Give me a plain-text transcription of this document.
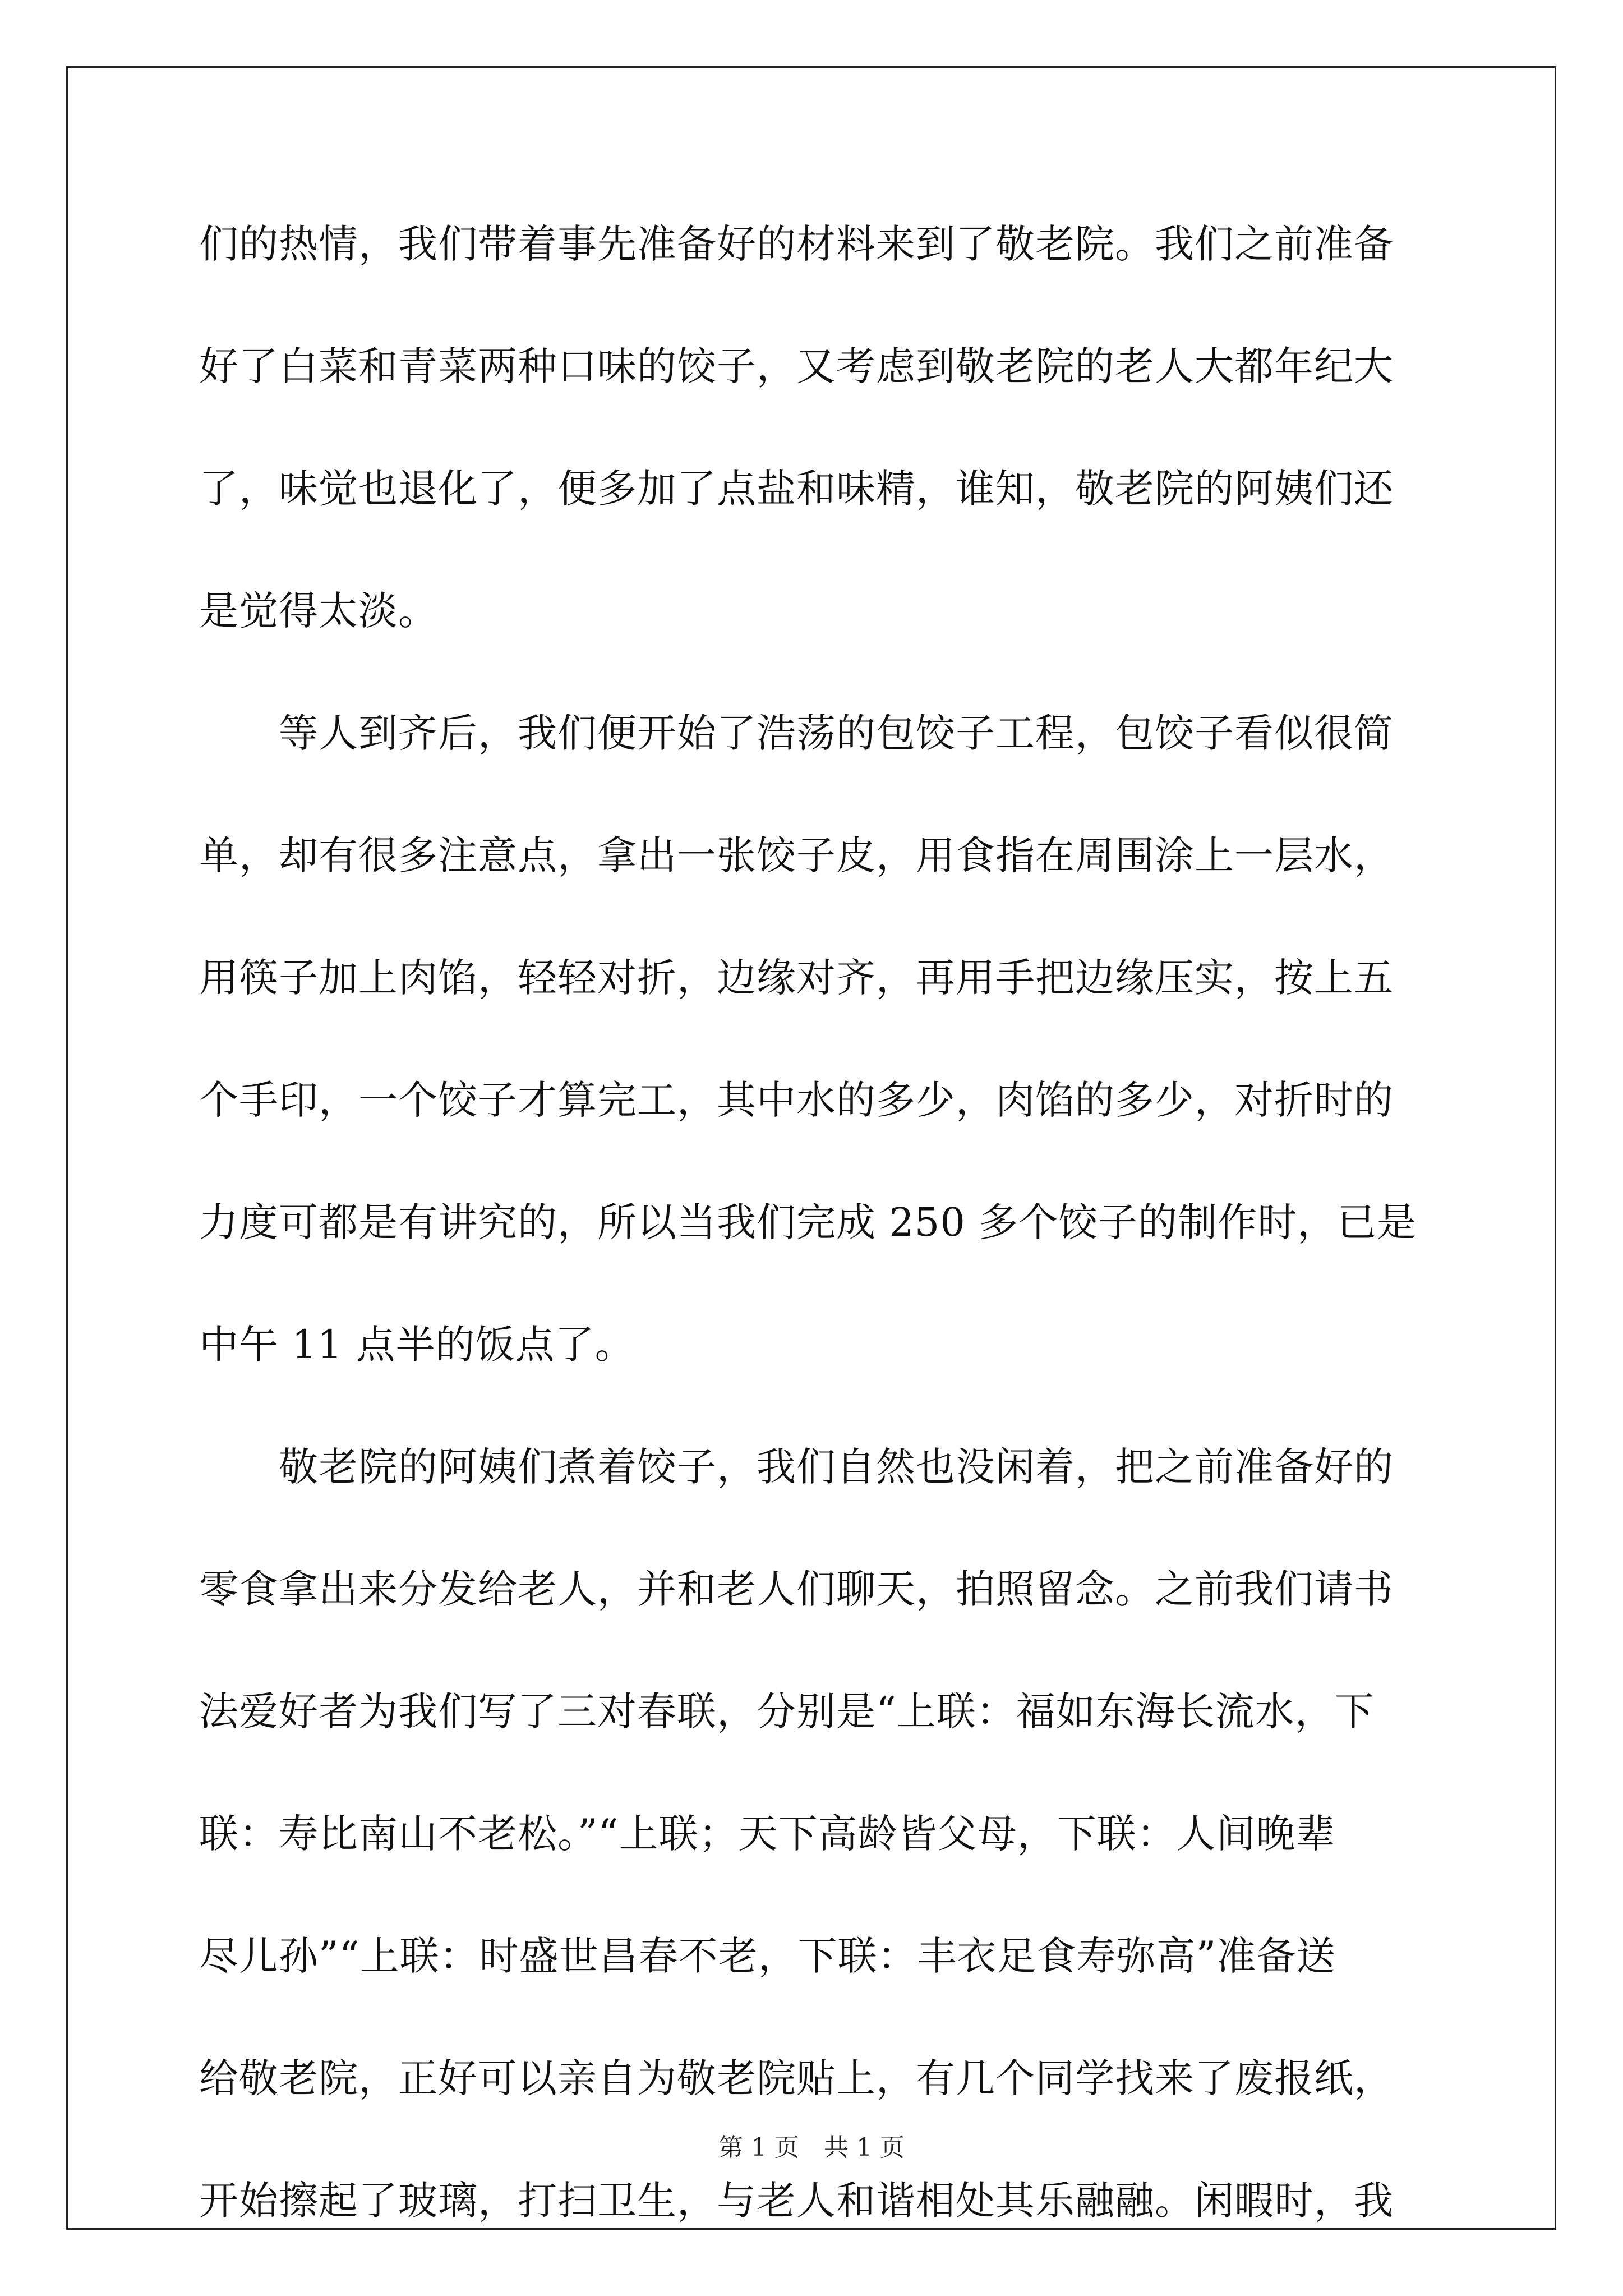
们的热情，我们带着事先准备好的材料来到了敬老院。我们之前准备
好了白菜和青菜两种口味的饺子，又考虑到敬老院的老人大都年纪大
了，味觉也退化了，便多加了点盐和味精，谁知，敬老院的阿姨们还
是觉得太淡。
　　等人到齐后，我们便开始了浩荡的包饺子工程，包饺子看似很简
单，却有很多注意点，拿出一张饺子皮，用食指在周围涂上一层水，
用筷子加上肉馅，轻轻对折，边缘对齐，再用手把边缘压实，按上五
个手印，一个饺子才算完工，其中水的多少，肉馅的多少，对折时的
力度可都是有讲究的，所以当我们完成 250 多个饺子的制作时，已是
中午 11 点半的饭点了。
　　敬老院的阿姨们煮着饺子，我们自然也没闲着，把之前准备好的
零食拿出来分发给老人，并和老人们聊天，拍照留念。之前我们请书
法爱好者为我们写了三对春联，分别是“上联：福如东海长流水，下
联：寿比南山不老松。”“上联；天下高龄皆父母，下联：人间晚辈
尽儿孙”“上联：时盛世昌春不老，下联：丰衣足食寿弥高”准备送
给敬老院，正好可以亲自为敬老院贴上，有几个同学找来了废报纸，
开始擦起了玻璃，打扫卫生，与老人和谐相处其乐融融。闲暇时，我
第 1 页　共 1 页
